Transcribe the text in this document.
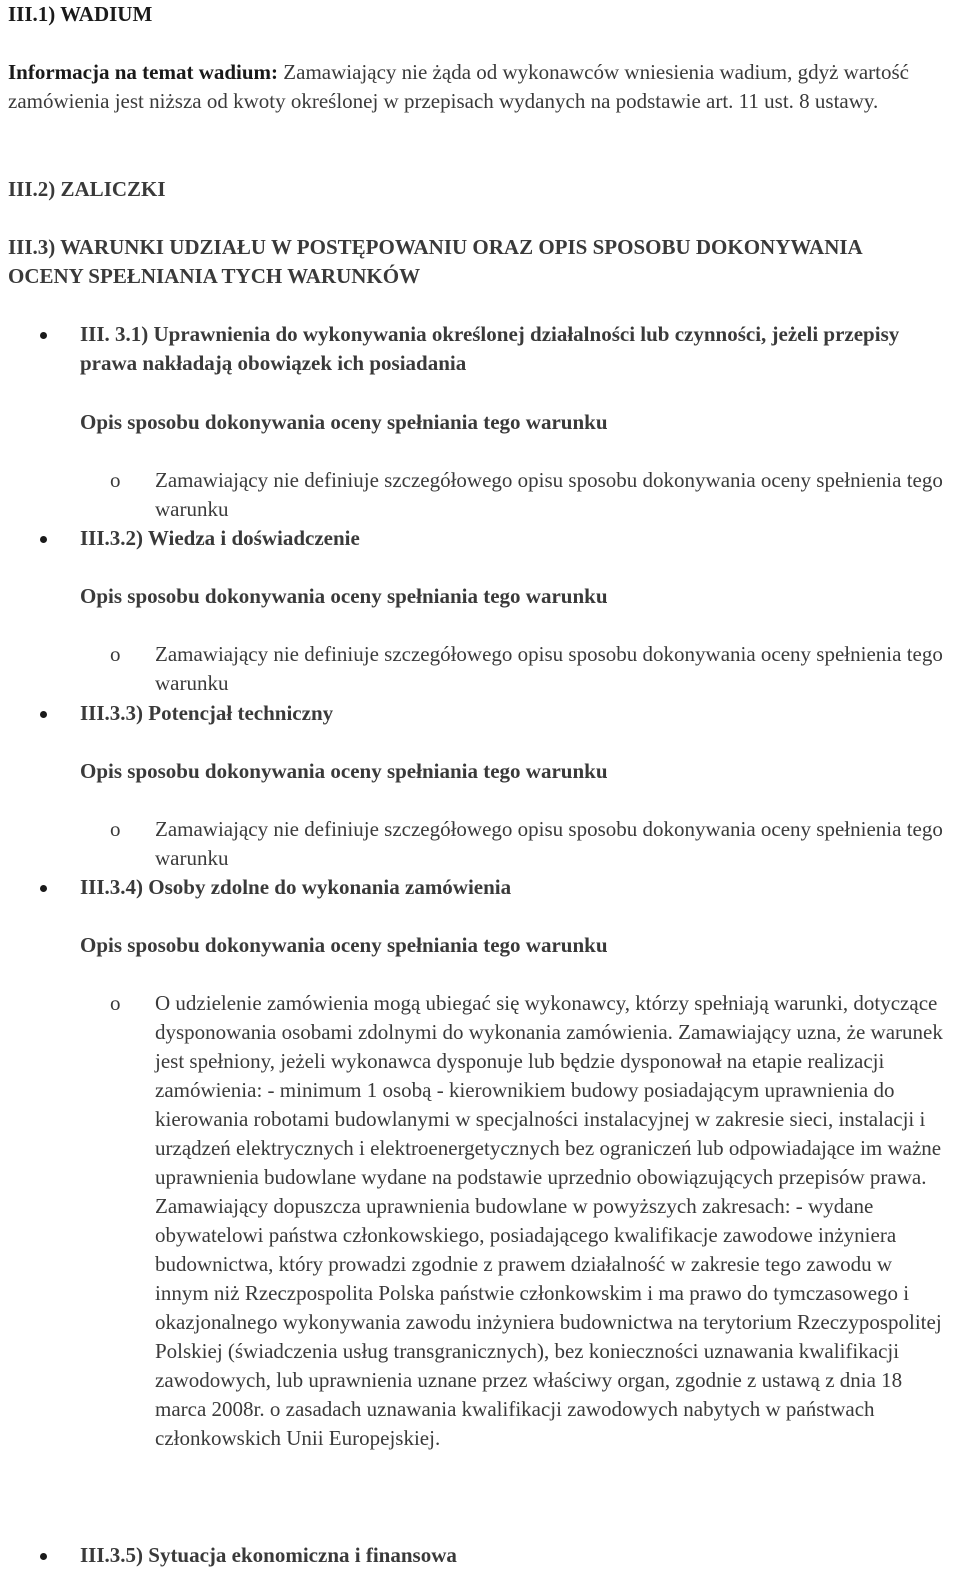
III.1) WADIUM

Informacja na temat wadium: Zamawiający nie żąda od wykonawców wniesienia wadium, gdyż wartość zamówienia jest niższa od kwoty określonej w przepisach wydanych na podstawie art. 11 ust. 8 ustawy.

III.2) ZALICZKI

III.3) WARUNKI UDZIAŁU W POSTĘPOWANIU ORAZ OPIS SPOSOBU DOKONYWANIA OCENY SPEŁNIANIA TYCH WARUNKÓW

III. 3.1) Uprawnienia do wykonywania określonej działalności lub czynności, jeżeli przepisy prawa nakładają obowiązek ich posiadania

Opis sposobu dokonywania oceny spełniania tego warunku

o Zamawiający nie definiuje szczegółowego opisu sposobu dokonywania oceny spełnienia tego warunku

III.3.2) Wiedza i doświadczenie

Opis sposobu dokonywania oceny spełniania tego warunku

o Zamawiający nie definiuje szczegółowego opisu sposobu dokonywania oceny spełnienia tego warunku

III.3.3) Potencjał techniczny

Opis sposobu dokonywania oceny spełniania tego warunku

o Zamawiający nie definiuje szczegółowego opisu sposobu dokonywania oceny spełnienia tego warunku

III.3.4) Osoby zdolne do wykonania zamówienia

Opis sposobu dokonywania oceny spełniania tego warunku

o O udzielenie zamówienia mogą ubiegać się wykonawcy, którzy spełniają warunki, dotyczące dysponowania osobami zdolnymi do wykonania zamówienia. Zamawiający uzna, że warunek jest spełniony, jeżeli wykonawca dysponuje lub będzie dysponował na etapie realizacji zamówienia: - minimum 1 osobą - kierownikiem budowy posiadającym uprawnienia do kierowania robotami budowlanymi w specjalności instalacyjnej w zakresie sieci, instalacji i urządzeń elektrycznych i elektroenergetycznych bez ograniczeń lub odpowiadające im ważne uprawnienia budowlane wydane na podstawie uprzednio obowiązujących przepisów prawa. Zamawiający dopuszcza uprawnienia budowlane w powyższych zakresach: - wydane obywatelowi państwa członkowskiego, posiadającego kwalifikacje zawodowe inżyniera budownictwa, który prowadzi zgodnie z prawem działalność w zakresie tego zawodu w innym niż Rzeczpospolita Polska państwie członkowskim i ma prawo do tymczasowego i okazjonalnego wykonywania zawodu inżyniera budownictwa na terytorium Rzeczypospolitej Polskiej (świadczenia usług transgranicznych), bez konieczności uznawania kwalifikacji zawodowych, lub uprawnienia uznane przez właściwy organ, zgodnie z ustawą z dnia 18 marca 2008r. o zasadach uznawania kwalifikacji zawodowych nabytych w państwach członkowskich Unii Europejskiej.

III.3.5) Sytuacja ekonomiczna i finansowa
